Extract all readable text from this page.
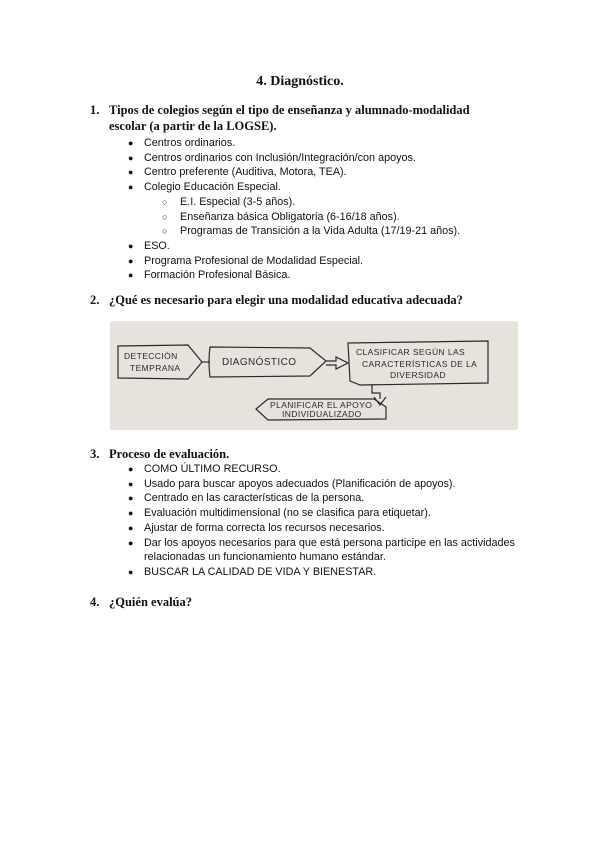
4. Diagnóstico.
1. Tipos de colegios según el tipo de enseñanza y alumnado-modalidad
escolar (a partir de la LOGSE).
● Centros ordinarios.
● Centros ordinarios con Inclusión/Integración/con apoyos.
● Centro preferente (Auditiva, Motora, TEA).
● Colegio Educación Especial.
○ E.I. Especial (3-5 años).
○ Enseñanza básica Obligatoria (6-16/18 años).
○ Programas de Transición a la Vida Adulta (17/19-21 años).
● ESO.
● Programa Profesional de Modalidad Especial.
● Formación Profesional Básica.
2. ¿Qué es necesario para elegir una modalidad educativa adecuada?
DETECCIÓN
TEMPRANA	DIAGNÓSTICO
CLASIFICAR SEGÚN LAS
CARACTERÍSTICAS DE LA
DIVERSIDAD
PLANIFICAR EL APOYO
INDIVIDUALIZADO
3. Proceso de evaluación.
● COMO ÚLTIMO RECURSO.
● Usado para buscar apoyos adecuados (Planificación de apoyos).
● Centrado en las características de la persona.
● Evaluación multidimensional (no se clasifica para etiquetar).
● Ajustar de forma correcta los recursos necesarios.
● Dar los apoyos necesarios para que está persona participe en las actividades
relacionadas un funcionamiento humano estándar.
● BUSCAR LA CALIDAD DE VIDA Y BIENESTAR.
4. ¿Quién evalúa?
